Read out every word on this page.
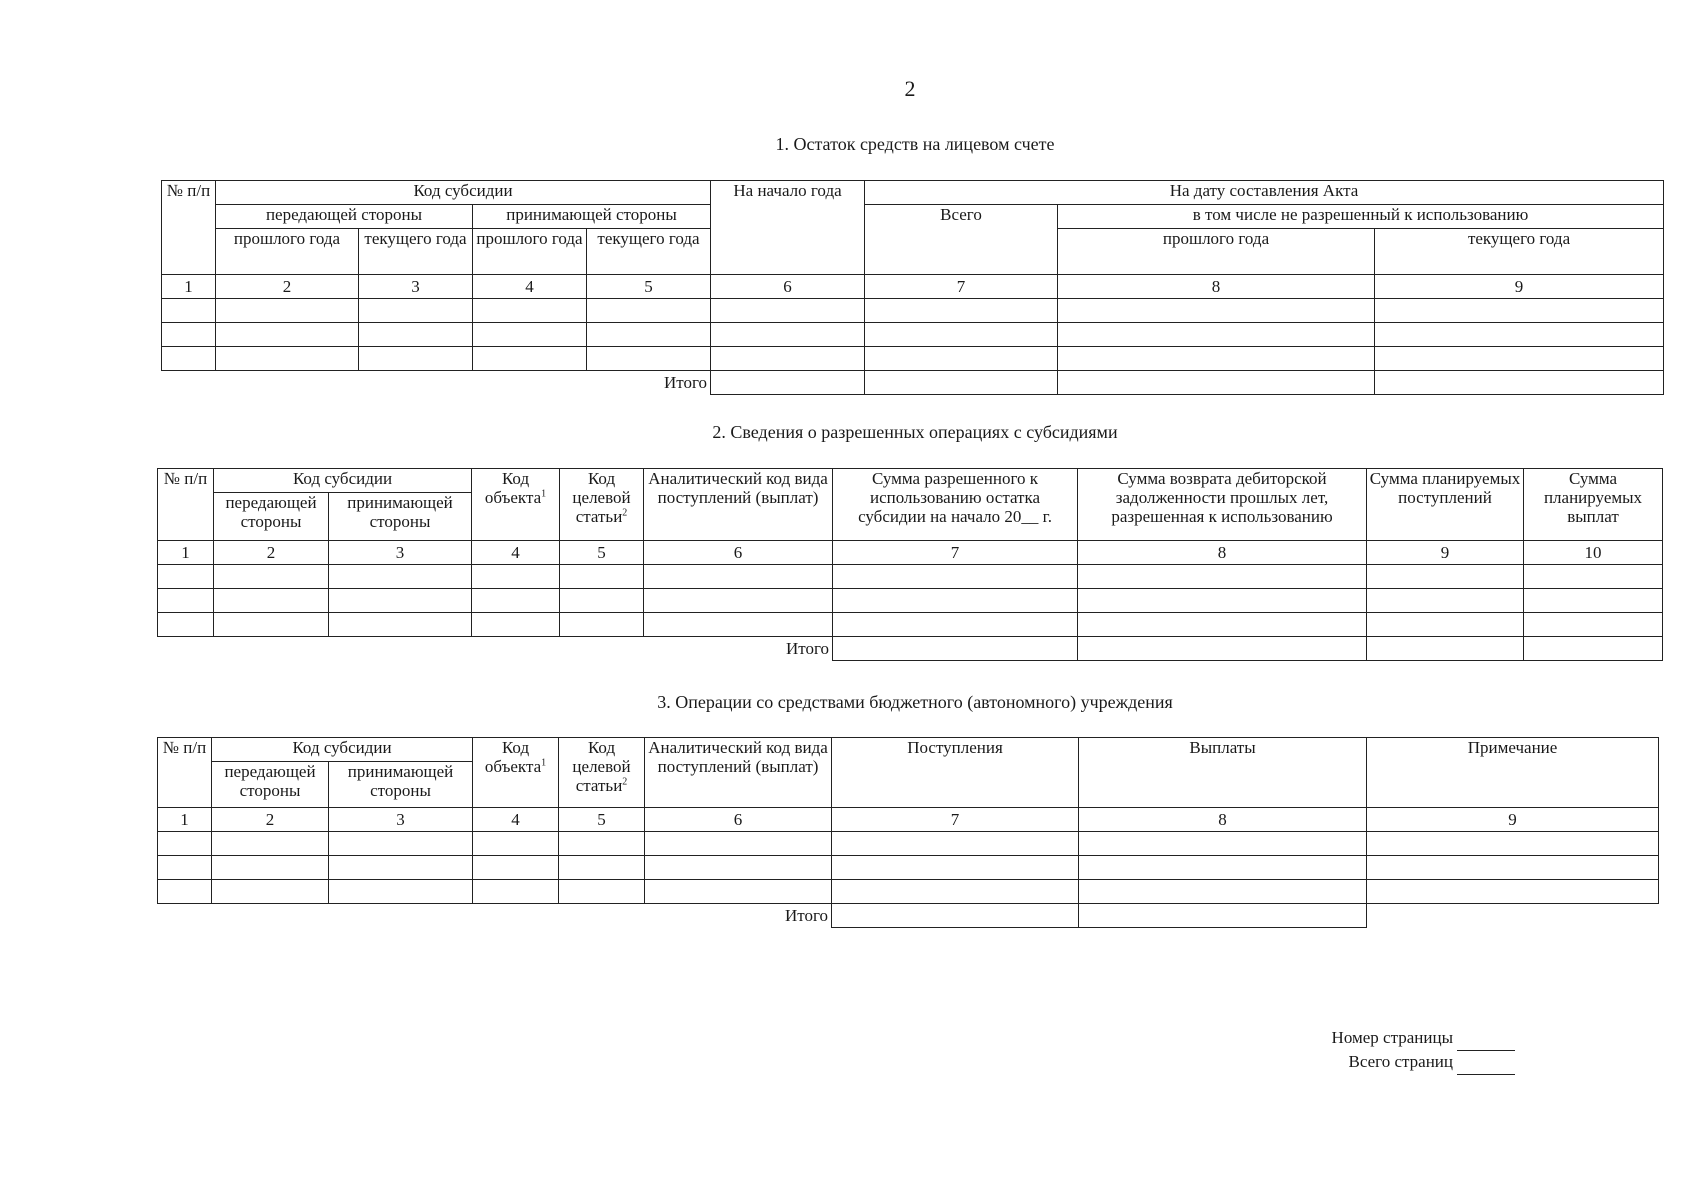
2
1. Остаток средств на лицевом счете
№ п/п	Код субсидии				На начало года	На дату составления Акта		
	передающей стороны		принимающей стороны			Всего	в том числе не разрешенный к использованию	
	прошлого года	текущего года	прошлого года	текущего года			прошлого года	текущего года
1	2	3	4	5	6	7	8	9

Итого								
2. Сведения о разрешенных операциях с субсидиями
№ п/п	Код субсидии		Код объекта$^1$	Код целевой статьи$^2$	Аналитический код вида поступлений (выплат)	Сумма разрешенного к использованию остатка субсидии на начало 20__ г.	Сумма возврата дебиторской задолженности прошлых лет, разрешенная к использованию	Сумма планируемых поступлений	Сумма планируемых выплат
	передающей стороны	принимающей стороны							
1	2	3	4	5	6	7	8	9	10

Итого									
3. Операции со средствами бюджетного (автономного) учреждения
№ п/п	Код субсидии		Код объекта$^1$	Код целевой статьи$^2$	Аналитический код вида поступлений (выплат)	Поступления	Выплаты	Примечание
	передающей стороны	принимающей стороны						
1	2	3	4	5	6	7	8	9

Итого								
Номер страницы
Всего страниц
